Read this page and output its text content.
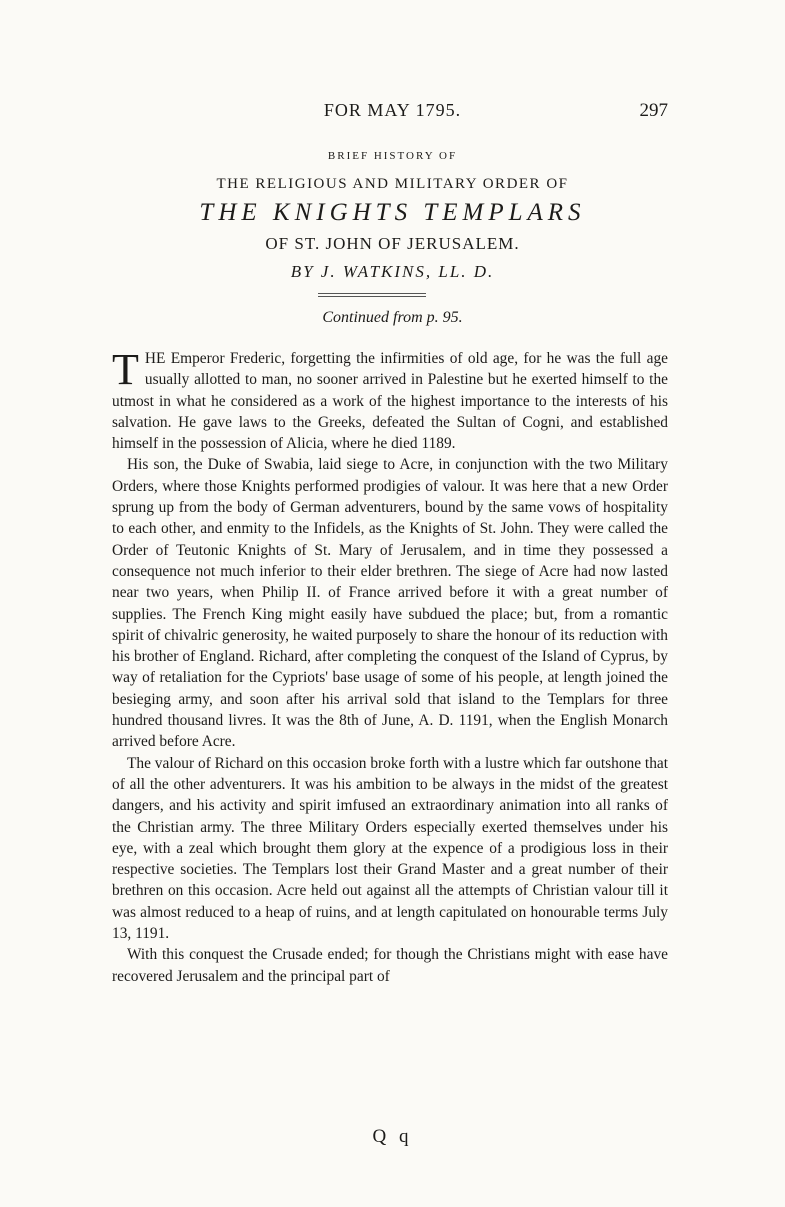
FOR MAY 1795.	297
BRIEF HISTORY OF
THE RELIGIOUS AND MILITARY ORDER OF
THE KNIGHTS TEMPLARS
OF ST. JOHN OF JERUSALEM.
BY J. WATKINS, LL. D.
Continued from p. 95.

THE Emperor Frederic, forgetting the infirmities of old age, for he was the full age usually allotted to man, no sooner arrived in Palestine but he exerted himself to the utmost in what he considered as a work of the highest importance to the interests of his salvation. He gave laws to the Greeks, defeated the Sultan of Cogni, and established himself in the possession of Alicia, where he died 1189.

His son, the Duke of Swabia, laid siege to Acre, in conjunction with the two Military Orders, where those Knights performed prodigies of valour. It was here that a new Order sprung up from the body of German adventurers, bound by the same vows of hospitality to each other, and enmity to the Infidels, as the Knights of St. John. They were called the Order of Teutonic Knights of St. Mary of Jerusalem, and in time they possessed a consequence not much inferior to their elder brethren. The siege of Acre had now lasted near two years, when Philip II. of France arrived before it with a great number of supplies. The French King might easily have subdued the place; but, from a romantic spirit of chivalric generosity, he waited purposely to share the honour of its reduction with his brother of England. Richard, after completing the conquest of the Island of Cyprus, by way of retaliation for the Cypriots' base usage of some of his people, at length joined the besieging army, and soon after his arrival sold that island to the Templars for three hundred thousand livres. It was the 8th of June, A. D. 1191, when the English Monarch arrived before Acre.

The valour of Richard on this occasion broke forth with a lustre which far outshone that of all the other adventurers. It was his ambition to be always in the midst of the greatest dangers, and his activity and spirit imfused an extraordinary animation into all ranks of the Christian army. The three Military Orders especially exerted themselves under his eye, with a zeal which brought them glory at the expence of a prodigious loss in their respective societies. The Templars lost their Grand Master and a great number of their brethren on this occasion. Acre held out against all the attempts of Christian valour till it was almost reduced to a heap of ruins, and at length capitulated on honourable terms July 13, 1191.

With this conquest the Crusade ended; for though the Christians might with ease have recovered Jerusalem and the principal part of

Q q
